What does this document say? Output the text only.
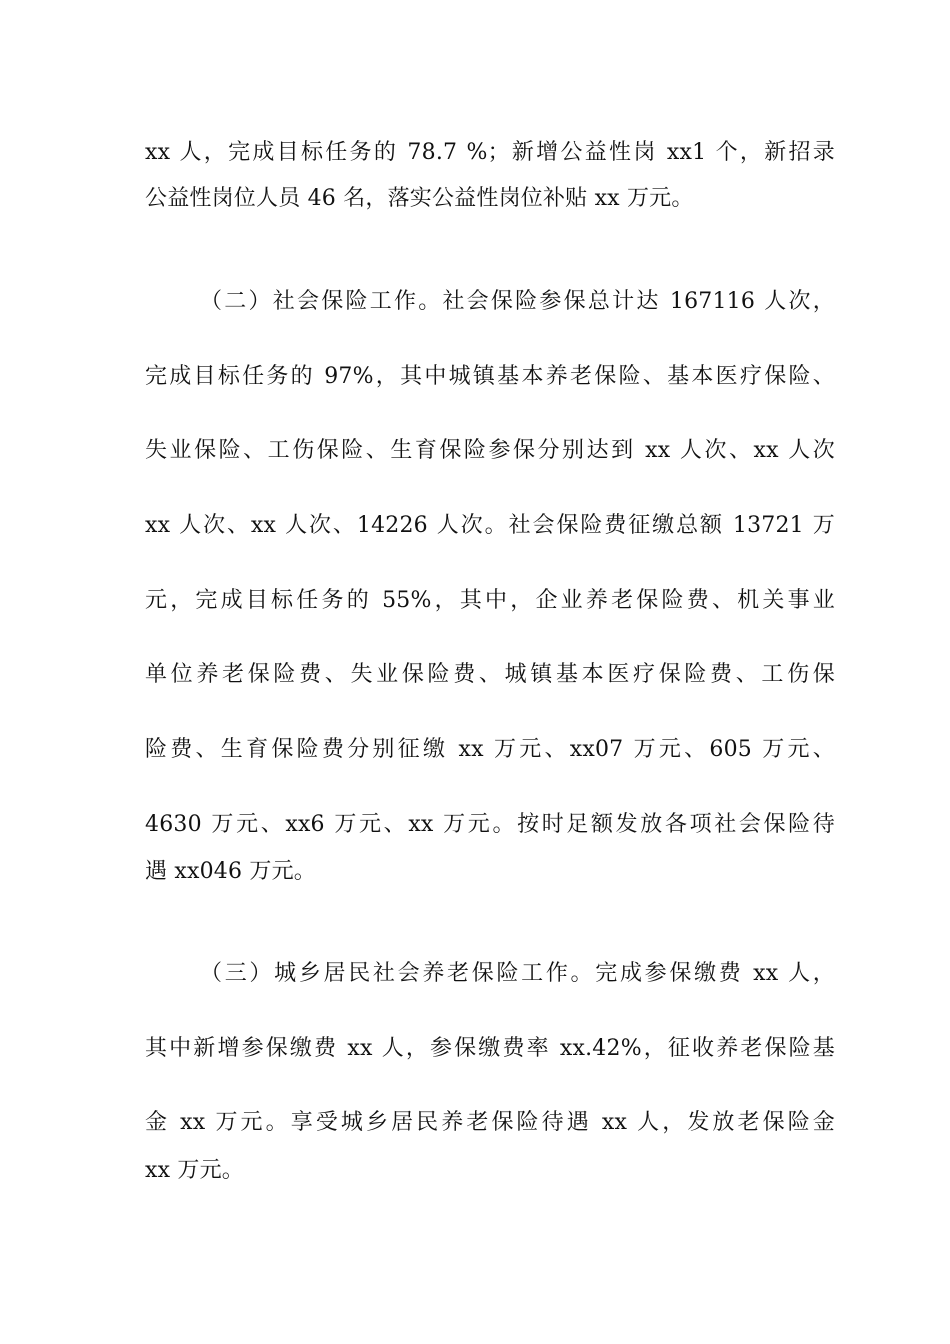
xx 人，完成目标任务的 78.7 %；新增公益性岗 xx1 个，新招录
公益性岗位人员 46 名，落实公益性岗位补贴 xx 万元。
（二）社会保险工作。社会保险参保总计达 167116 人次，
完成目标任务的 97%，其中城镇基本养老保险、基本医疗保险、
失业保险、工伤保险、生育保险参保分别达到 xx 人次、xx 人次
xx 人次、xx 人次、14226 人次。社会保险费征缴总额 13721 万
元，完成目标任务的 55%，其中，企业养老保险费、机关事业
单位养老保险费、失业保险费、城镇基本医疗保险费、工伤保
险费、生育保险费分别征缴 xx 万元、xx07 万元、605 万元、
4630 万元、xx6 万元、xx 万元。按时足额发放各项社会保险待
遇 xx046 万元。
（三）城乡居民社会养老保险工作。完成参保缴费 xx 人，
其中新增参保缴费 xx 人，参保缴费率 xx.42%，征收养老保险基
金 xx 万元。享受城乡居民养老保险待遇 xx 人，发放老保险金
xx 万元。
